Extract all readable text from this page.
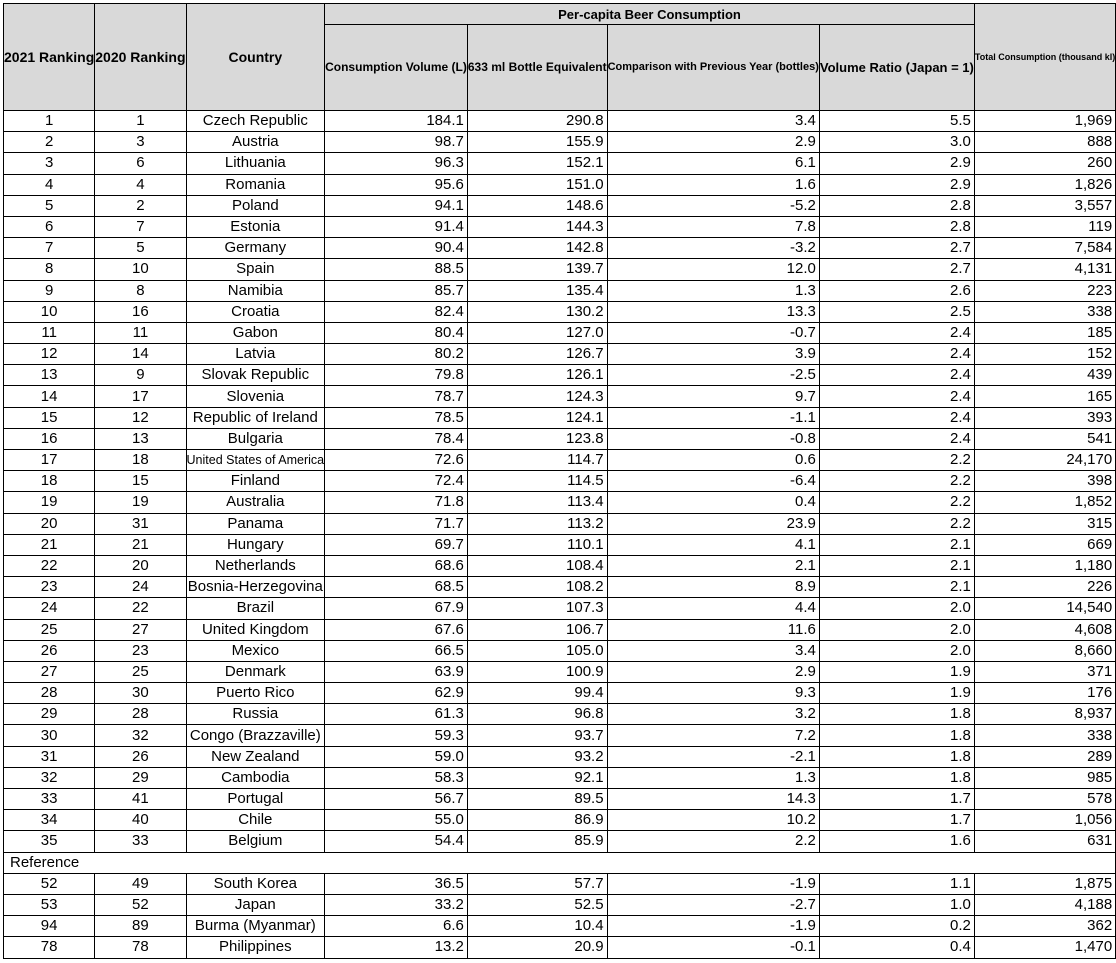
2021 Ranking	2020 Ranking	Country	Per-capita Beer Consumption				Total Consumption (thousand kl)
			Consumption Volume (L)	633 ml Bottle Equivalent	Comparison with Previous Year (bottles)	Volume Ratio (Japan = 1)	
1	1	Czech Republic	184.1	290.8	3.4	5.5	1,969
2	3	Austria	98.7	155.9	2.9	3.0	888
3	6	Lithuania	96.3	152.1	6.1	2.9	260
4	4	Romania	95.6	151.0	1.6	2.9	1,826
5	2	Poland	94.1	148.6	-5.2	2.8	3,557
6	7	Estonia	91.4	144.3	7.8	2.8	119
7	5	Germany	90.4	142.8	-3.2	2.7	7,584
8	10	Spain	88.5	139.7	12.0	2.7	4,131
9	8	Namibia	85.7	135.4	1.3	2.6	223
10	16	Croatia	82.4	130.2	13.3	2.5	338
11	11	Gabon	80.4	127.0	-0.7	2.4	185
12	14	Latvia	80.2	126.7	3.9	2.4	152
13	9	Slovak Republic	79.8	126.1	-2.5	2.4	439
14	17	Slovenia	78.7	124.3	9.7	2.4	165
15	12	Republic of Ireland	78.5	124.1	-1.1	2.4	393
16	13	Bulgaria	78.4	123.8	-0.8	2.4	541
17	18	United States of America	72.6	114.7	0.6	2.2	24,170
18	15	Finland	72.4	114.5	-6.4	2.2	398
19	19	Australia	71.8	113.4	0.4	2.2	1,852
20	31	Panama	71.7	113.2	23.9	2.2	315
21	21	Hungary	69.7	110.1	4.1	2.1	669
22	20	Netherlands	68.6	108.4	2.1	2.1	1,180
23	24	Bosnia-Herzegovina	68.5	108.2	8.9	2.1	226
24	22	Brazil	67.9	107.3	4.4	2.0	14,540
25	27	United Kingdom	67.6	106.7	11.6	2.0	4,608
26	23	Mexico	66.5	105.0	3.4	2.0	8,660
27	25	Denmark	63.9	100.9	2.9	1.9	371
28	30	Puerto Rico	62.9	99.4	9.3	1.9	176
29	28	Russia	61.3	96.8	3.2	1.8	8,937
30	32	Congo (Brazzaville)	59.3	93.7	7.2	1.8	338
31	26	New Zealand	59.0	93.2	-2.1	1.8	289
32	29	Cambodia	58.3	92.1	1.3	1.8	985
33	41	Portugal	56.7	89.5	14.3	1.7	578
34	40	Chile	55.0	86.9	10.2	1.7	1,056
35	33	Belgium	54.4	85.9	2.2	1.6	631
Reference							
52	49	South Korea	36.5	57.7	-1.9	1.1	1,875
53	52	Japan	33.2	52.5	-2.7	1.0	4,188
94	89	Burma (Myanmar)	6.6	10.4	-1.9	0.2	362
78	78	Philippines	13.2	20.9	-0.1	0.4	1,470
